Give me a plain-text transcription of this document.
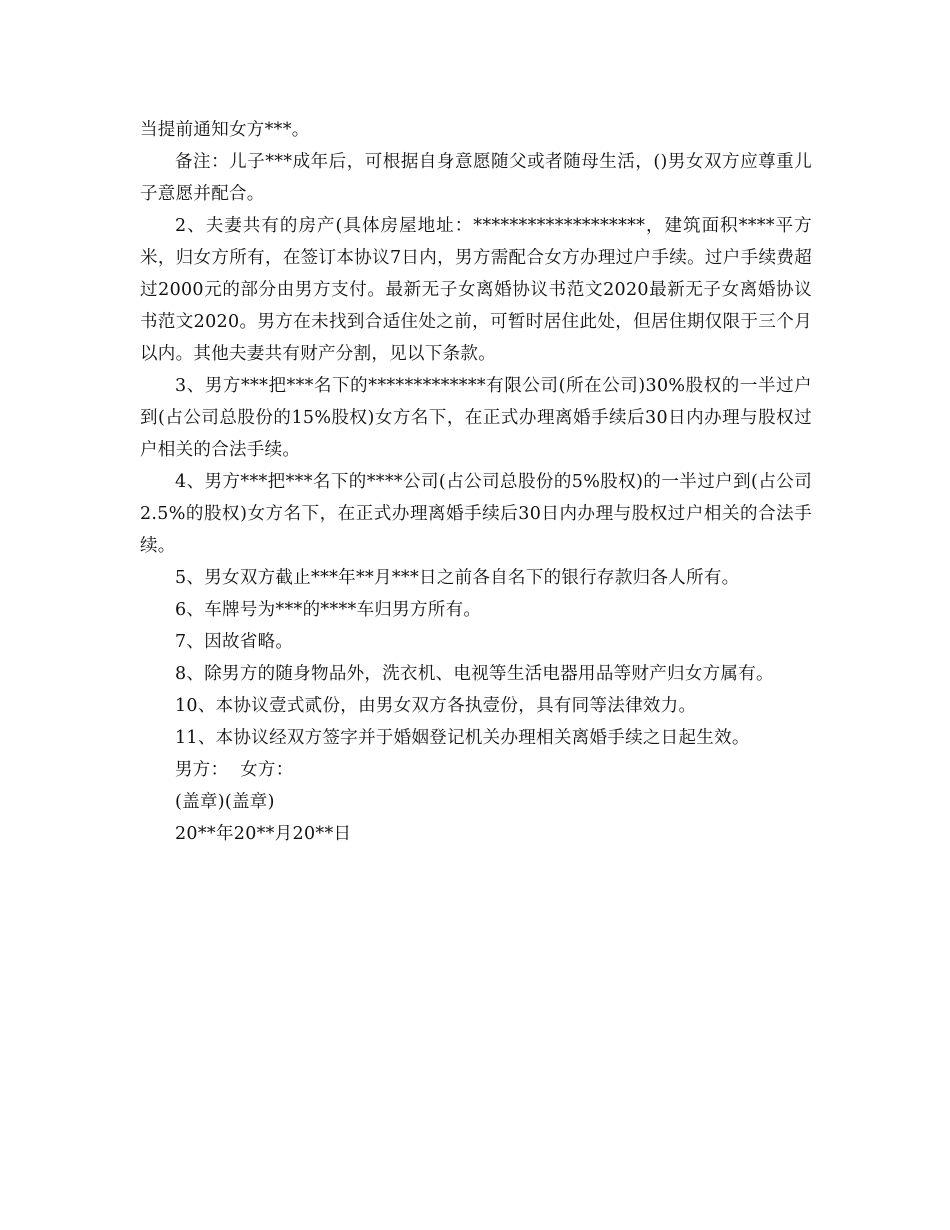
当提前通知女方***。

备注：儿子***成年后，可根据自身意愿随父或者随母生活，()男女双方应尊重儿子意愿并配合。

2、夫妻共有的房产(具体房屋地址：*******************，建筑面积****平方米，归女方所有，在签订本协议7日内，男方需配合女方办理过户手续。过户手续费超过2000元的部分由男方支付。最新无子女离婚协议书范文2020最新无子女离婚协议书范文2020。男方在未找到合适住处之前，可暂时居住此处，但居住期仅限于三个月以内。其他夫妻共有财产分割，见以下条款。

3、男方***把***名下的*************有限公司(所在公司)30%股权的一半过户到(占公司总股份的15%股权)女方名下，在正式办理离婚手续后30日内办理与股权过户相关的合法手续。

4、男方***把***名下的****公司(占公司总股份的5%股权)的一半过户到(占公司2.5%的股权)女方名下，在正式办理离婚手续后30日内办理与股权过户相关的合法手续。

5、男女双方截止***年**月***日之前各自名下的银行存款归各人所有。

6、车牌号为***的****车归男方所有。

7、因故省略。

8、除男方的随身物品外，洗衣机、电视等生活电器用品等财产归女方属有。

10、本协议壹式贰份，由男女双方各执壹份，具有同等法律效力。

11、本协议经双方签字并于婚姻登记机关办理相关离婚手续之日起生效。

男方：  女方：

(盖章)(盖章)

20**年20**月20**日
